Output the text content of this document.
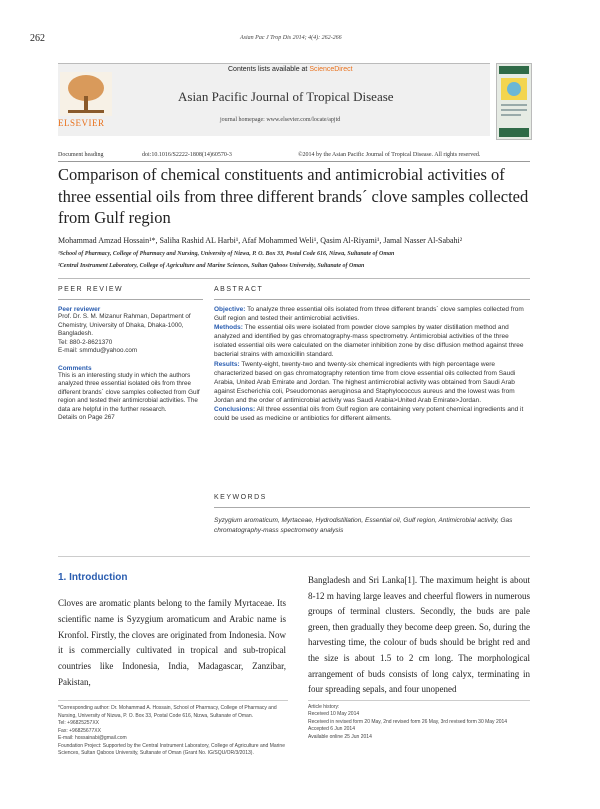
262	Asian Pac J Trop Dis 2014; 4(4): 262-266
Contents lists available at ScienceDirect
Asian Pacific Journal of Tropical Disease
journal homepage: www.elsevier.com/locate/apjtd
ELSEVIER
Document heading	doi:10.1016/S2222-1808(14)60570-3	©2014 by the Asian Pacific Journal of Tropical Disease. All rights reserved.
Comparison of chemical constituents and antimicrobial activities of three essential oils from three different brands´ clove samples collected from Gulf region
Mohammad Amzad Hossain¹*, Saliha Rashid AL Harbi¹, Afaf Mohammed Weli¹, Qasim Al-Riyami¹, Jamal Nasser Al-Sabahi²
¹School of Pharmacy, College of Pharmacy and Nursing, University of Nizwa, P. O. Box 33, Postal Code 616, Nizwa, Sultanate of Oman
²Central Instrument Laboratory, College of Agriculture and Marine Sciences, Sultan Qaboos University, Sultanate of Oman
PEER REVIEW
Peer reviewer

Prof. Dr. S. M. Mizanur Rahman, Department of Chemistry, University of Dhaka, Dhaka-1000, Bangladesh.

Tel: 880-2-8621370

E-mail: smmdu@yahoo.com

Comments

This is an interesting study in which the authors analyzed three essential isolated oils from three different brands´ clove samples collected from Gulf region and tested their antimicrobial activities. The data are helpful in the further research.

Details on Page 267

ABSTRACT

Objective: To analyze three essential oils isolated from three different brands´ clove samples collected from Gulf region and tested their antimicrobial activities.

Methods: The essential oils were isolated from powder clove samples by water distillation method and analyzed and identified by gas chromatography-mass spectrometry. Antimicrobial activities of the three isolated essential oils were calculated on the diameter inhibition zone by disc diffusion method against three bacterial strains with amoxicillin standard.

Results: Twenty-eight, twenty-two and twenty-six chemical ingredients with high percentage were characterized based on gas chromatography retention time from clove essential oils collected from Saudi Arabia, United Arab Emirate and Jordan. The highest antimicrobial activity was obtained from Saudi Arab against Escherichia coli, Pseudomonas aeruginosa and Staphylococcus aureus and the lowest was from Jordan and the order of antimicrobial activity was Saudi Arabia>United Arab Emirate>Jordan.

Conclusions: All three essential oils from Gulf region are containing very potent chemical ingredients and it could be used as medicine or antibiotics for different ailments.

KEYWORDS
Syzygium aromaticum, Myrtaceae, Hydrodistillation, Essential oil, Gulf region, Antimicrobial activity, Gas chromatography-mass spectrometry analysis
1. Introduction
Cloves are aromatic plants belong to the family Myrtaceae. Its scientific name is Syzygium aromaticum and Arabic name is Kronfol. Firstly, the cloves are originated from Indonesia. Now it is commercially cultivated in tropical and sub-tropical countries like Indonesia, India, Madagascar, Zanzibar, Pakistan,
Bangladesh and Sri Lanka[1]. The maximum height is about 8-12 m having large leaves and cheerful flowers in numerous groups of terminal clusters. Secondly, the buds are pale green, then gradually they become deep green. So, during the harvesting time, the colour of buds should be bright red and the size is about 1.5 to 2 cm long. The morphological arrangement of buds consists of long calyx, terminating in four spreading sepals, and four unopened

*Corresponding author: Dr. Mohammad A. Hossain, School of Pharmacy, College of Pharmacy and Nursing, University of Nizwa, P. O. Box 33, Postal Code 616, Nizwa, Sultanate of Oman.

Tel: +96825257XX

Fax: +96825677XX

E-mail: hossainabi@gmail.com

Foundation Project: Supported by the Central Instrument Laboratory, College of Agriculture and Marine Sciences, Sultan Qaboos University, Sultanate of Oman (Grant No. IG/SQU/OR/3/2013).

Article history:

Received 10 May 2014

Received in revised form 20 May, 2nd revised form 26 May, 3rd revised form 30 May 2014

Accepted 6 Jun 2014

Available online 25 Jun 2014
